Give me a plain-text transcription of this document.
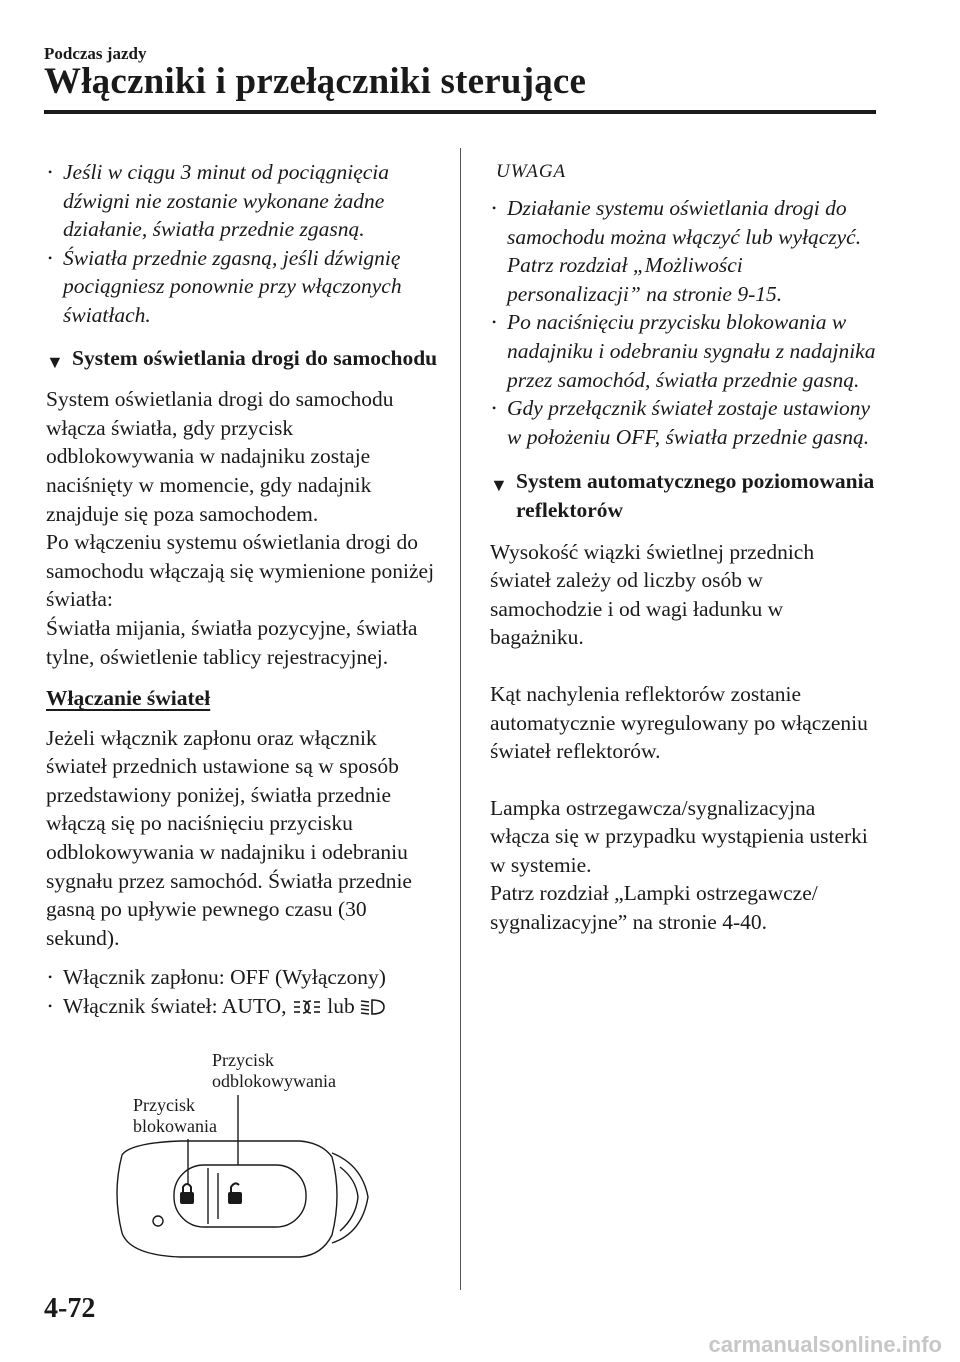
Podczas jazdy
Włączniki i przełączniki sterujące
• Jeśli w ciągu 3 minut od pociągnięcia dźwigni nie zostanie wykonane żadne działanie, światła przednie zgasną.
• Światła przednie zgasną, jeśli dźwignię pociągniesz ponownie przy włączonych światłach.
▼ System oświetlania drogi do samochodu

System oświetlania drogi do samochodu włącza światła, gdy przycisk odblokowywania w nadajniku zostaje naciśnięty w momencie, gdy nadajnik znajduje się poza samochodem.

Po włączeniu systemu oświetlania drogi do samochodu włączają się wymienione poniżej światła:

Światła mijania, światła pozycyjne, światła tylne, oświetlenie tablicy rejestracyjnej.

Włączanie świateł

Jeżeli włącznik zapłonu oraz włącznik świateł przednich ustawione są w sposób przedstawiony poniżej, światła przednie włączą się po naciśnięciu przycisku odblokowywania w nadajniku i odebraniu sygnału przez samochód. Światła przednie gasną po upływie pewnego czasu (30 sekund).

• Włącznik zapłonu: OFF (Wyłączony)
• Włącznik świateł: AUTO, lub
Przycisk
odblokowywania
Przycisk
blokowania
UWAGA
• Działanie systemu oświetlania drogi do samochodu można włączyć lub wyłączyć.
Patrz rozdział „Możliwości personalizacji” na stronie 9-15.
• Po naciśnięciu przycisku blokowania w nadajniku i odebraniu sygnału z nadajnika przez samochód, światła przednie gasną.
• Gdy przełącznik świateł zostaje ustawiony w położeniu OFF, światła przednie gasną.
▼ System automatycznego poziomowania reflektorów

Wysokość wiązki świetlnej przednich świateł zależy od liczby osób w samochodzie i od wagi ładunku w bagażniku.

Kąt nachylenia reflektorów zostanie automatycznie wyregulowany po włączeniu świateł reflektorów.

Lampka ostrzegawcza/sygnalizacyjna włącza się w przypadku wystąpienia usterki w systemie.

Patrz rozdział „Lampki ostrzegawcze/ sygnalizacyjne” na stronie 4-40.

4-72
carmanualsonline.info
